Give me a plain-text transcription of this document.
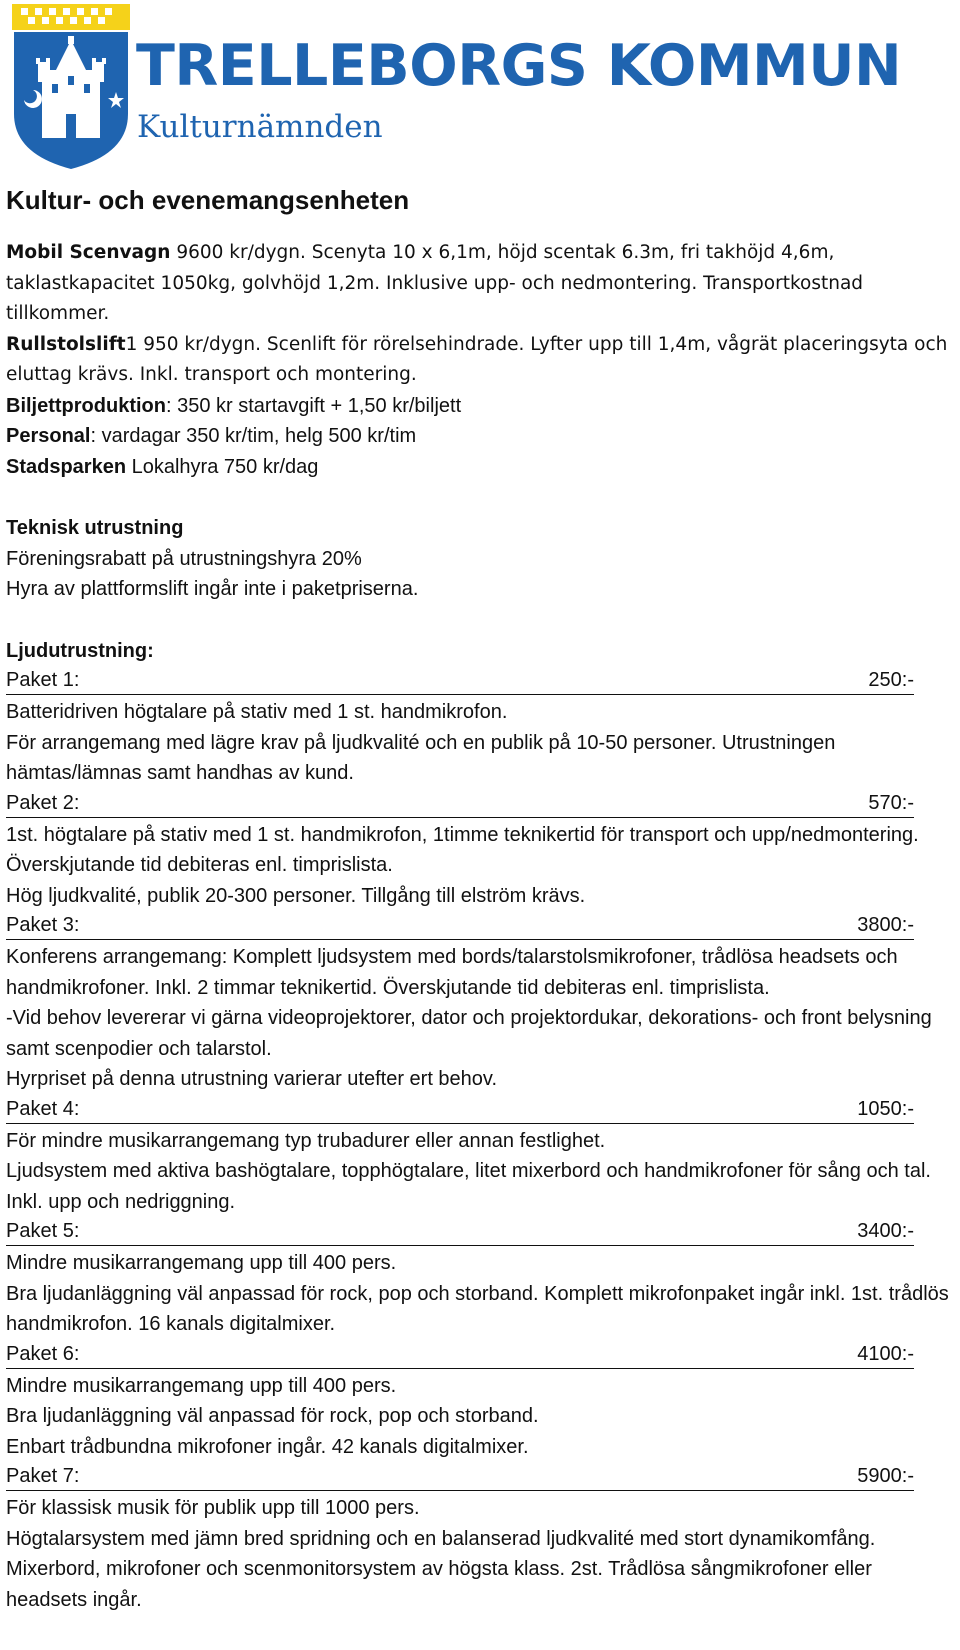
TRELLEBORGS KOMMUN
Kulturnämnden
Kultur- och evenemangsenheten

Mobil Scenvagn 9600 kr/dygn. Scenyta 10 x 6,1m, höjd scentak 6.3m, fri takhöjd 4,6m, taklastkapacitet 1050kg, golvhöjd 1,2m. Inklusive upp- och nedmontering. Transportkostnad tillkommer.

Rullstolslift1 950 kr/dygn. Scenlift för rörelsehindrade. Lyfter upp till 1,4m, vågrät placeringsyta och eluttag krävs. Inkl. transport och montering.

Biljettproduktion: 350 kr startavgift + 1,50 kr/biljett

Personal: vardagar 350 kr/tim, helg 500 kr/tim

Stadsparken Lokalhyra 750 kr/dag

Teknisk utrustning

Föreningsrabatt på utrustningshyra 20%

Hyra av plattformslift ingår inte i paketpriserna.

Ljudutrustning:
Paket 1:	250:-

Batteridriven högtalare på stativ med 1 st. handmikrofon.

För arrangemang med lägre krav på ljudkvalité och en publik på 10-50 personer. Utrustningen hämtas/lämnas samt handhas av kund.

Paket 2:	570:-

1st. högtalare på stativ med 1 st. handmikrofon, 1timme teknikertid för transport och upp/nedmontering. Överskjutande tid debiteras enl. timprislista.

Hög ljudkvalité, publik 20-300 personer. Tillgång till elström krävs.

Paket 3:	3800:-

Konferens arrangemang: Komplett ljudsystem med bords/talarstolsmikrofoner, trådlösa headsets och handmikrofoner. Inkl. 2 timmar teknikertid. Överskjutande tid debiteras enl. timprislista.

-Vid behov levererar vi gärna videoprojektorer, dator och projektordukar, dekorations- och front belysning samt scenpodier och talarstol.

Hyrpriset på denna utrustning varierar utefter ert behov.

Paket 4:	1050:-

För mindre musikarrangemang typ trubadurer eller annan festlighet.

Ljudsystem med aktiva bashögtalare, topphögtalare, litet mixerbord och handmikrofoner för sång och tal. Inkl. upp och nedriggning.

Paket 5:	3400:-

Mindre musikarrangemang upp till 400 pers.

Bra ljudanläggning väl anpassad för rock, pop och storband. Komplett mikrofonpaket ingår inkl. 1st. trådlös handmikrofon. 16 kanals digitalmixer.

Paket 6:	4100:-

Mindre musikarrangemang upp till 400 pers.

Bra ljudanläggning väl anpassad för rock, pop och storband.

Enbart trådbundna mikrofoner ingår. 42 kanals digitalmixer.

Paket 7:	5900:-

För klassisk musik för publik upp till 1000 pers.

Högtalarsystem med jämn bred spridning och en balanserad ljudkvalité med stort dynamikomfång. Mixerbord, mikrofoner och scenmonitorsystem av högsta klass. 2st. Trådlösa sångmikrofoner eller headsets ingår.
